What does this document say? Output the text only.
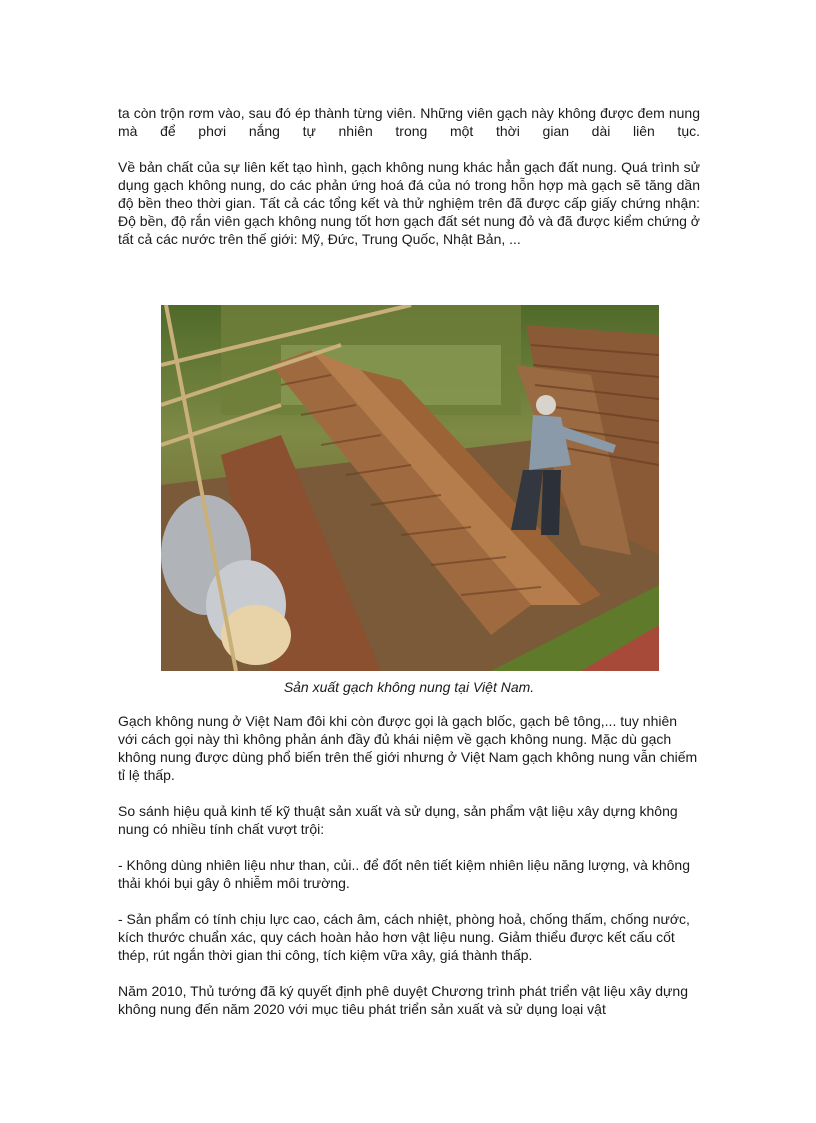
ta còn trộn rơm vào, sau đó ép thành từng viên. Những viên gạch này không được đem nung mà để phơi nắng tự nhiên trong một thời gian dài liên tục.

Về bản chất của sự liên kết tạo hình, gạch không nung khác hẳn gạch đất nung. Quá trình sử dụng gạch không nung, do các phản ứng hoá đá của nó trong hỗn hợp mà gạch sẽ tăng dần độ bền theo thời gian. Tất cả các tổng kết và thử nghiệm trên đã được cấp giấy chứng nhận: Độ bền, độ rắn viên gạch không nung tốt hơn gạch đất sét nung đỏ và đã được kiểm chứng ở tất cả các nước trên thế giới: Mỹ, Đức, Trung Quốc, Nhật Bản, ...

Sản xuất gạch không nung tại Việt Nam.

Gạch không nung ở Việt Nam đôi khi còn được gọi là gạch blốc, gạch bê tông,... tuy nhiên với cách gọi này thì không phản ánh đầy đủ khái niệm về gạch không nung. Mặc dù gạch không nung được dùng phổ biến trên thế giới nhưng ở Việt Nam gạch không nung vẫn chiếm tỉ lệ thấp.

So sánh hiệu quả kinh tế kỹ thuật sản xuất và sử dụng, sản phẩm vật liệu xây dựng không nung có nhiều tính chất vượt trội:

- Không dùng nhiên liệu như than, củi.. để đốt nên tiết kiệm nhiên liệu năng lượng, và không thải khói bụi gây ô nhiễm môi trường.

- Sản phẩm có tính chịu lực cao, cách âm, cách nhiệt, phòng hoả, chống thấm, chống nước, kích thước chuẩn xác, quy cách hoàn hảo hơn vật liệu nung. Giảm thiểu được kết cấu cốt thép, rút ngắn thời gian thi công, tích kiệm vữa xây, giá thành thấp.

Năm 2010, Thủ tướng đã ký quyết định phê duyệt Chương trình phát triển vật liệu xây dựng không nung đến năm 2020 với mục tiêu phát triển sản xuất và sử dụng loại vật
